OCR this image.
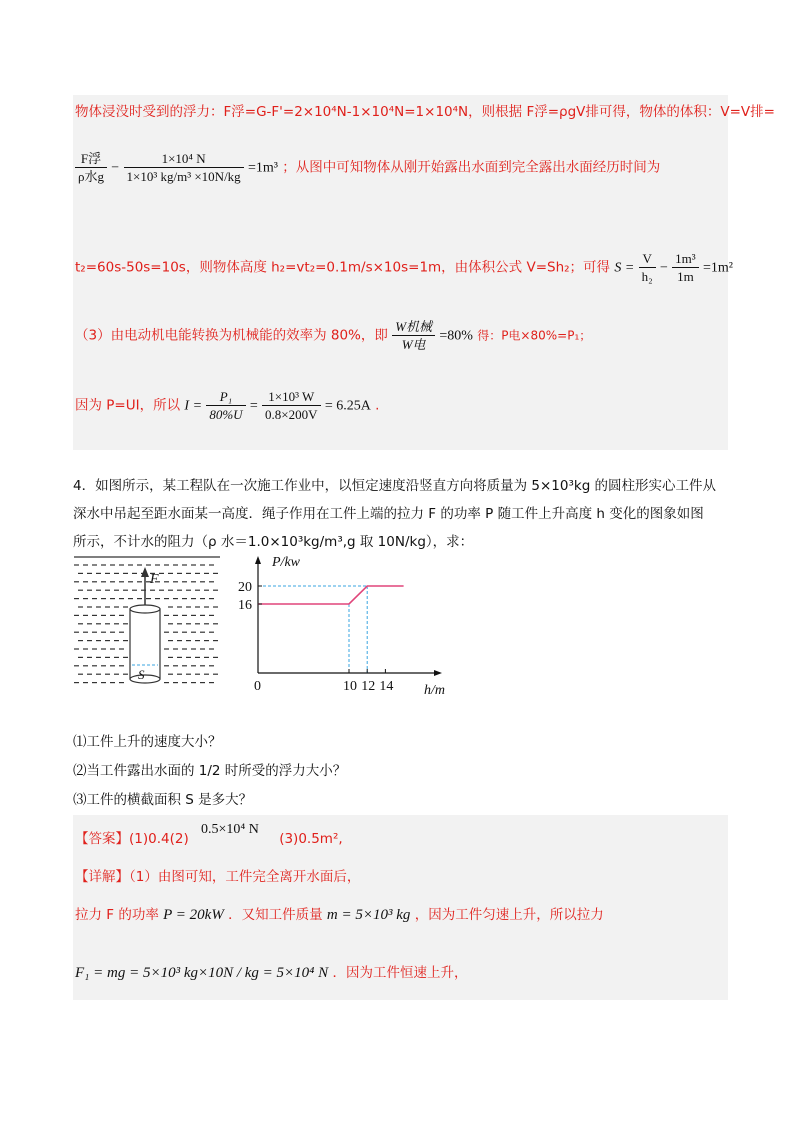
物体浸没时受到的浮力：F浮=G-F'=2×10⁴N-1×10⁴N=1×10⁴N，则根据 F浮=ρgV排可得，物体的体积：V=V排=
$\frac{\text{F浮}}{\text{ρ水g}} - \frac{\text{1×10⁴ N}}{\text{1×10³ kg/m³ ×10N/kg}} =1m^3$ ；从图中可知物体从刚开始露出水面到完全露出水面经历时间为
t₂=60s-50s=10s，则物体高度 h₂=vt₂=0.1m/s×10s=1m，由体积公式 V=Sh₂；可得 $S = \frac{V}{\text{h₂}} - \frac{\text{1m³}}{1m} =1m^2$
（3）由电动机电能转换为机械能的效率为 80%，即 $\frac{\text{W机械}}{\text{W电}} =80\%$ 得：P电×80%=P₁；
因为 P=UI，所以 $I = \frac{\text{P₁}}{80\%U} = \frac{\text{1×10³ W}}{0.8\times 200V} = 6.25A$ .
4．如图所示，某工程队在一次施工作业中，以恒定速度沿竖直方向将质量为 5×10³kg 的圆柱形实心工件从
深水中吊起至距水面某一高度．绳子作用在工件上端的拉力 F 的功率 P 随工件上升高度 h 变化的图象如图
所示，不计水的阻力（ρ 水＝1.0×10³kg/m³,g 取 10N/kg），求：
F
S
P/kw
h/m
0	10 12 14
16
20
⑴工件上升的速度大小？
⑵当工件露出水面的 1/2 时所受的浮力大小？
⑶工件的横截面积 S 是多大？
【答案】(1)0.4(2) 0.5×10⁴ N (3)0.5m²,
【详解】（1）由图可知，工件完全离开水面后，
拉力 F 的功率 P = 20kW ．又知工件质量 m = 5×10³ kg ，因为工件匀速上升，所以拉力
F₁ = mg = 5×10³ kg×10N / kg = 5×10⁴ N ．因为工件恒速上升，
